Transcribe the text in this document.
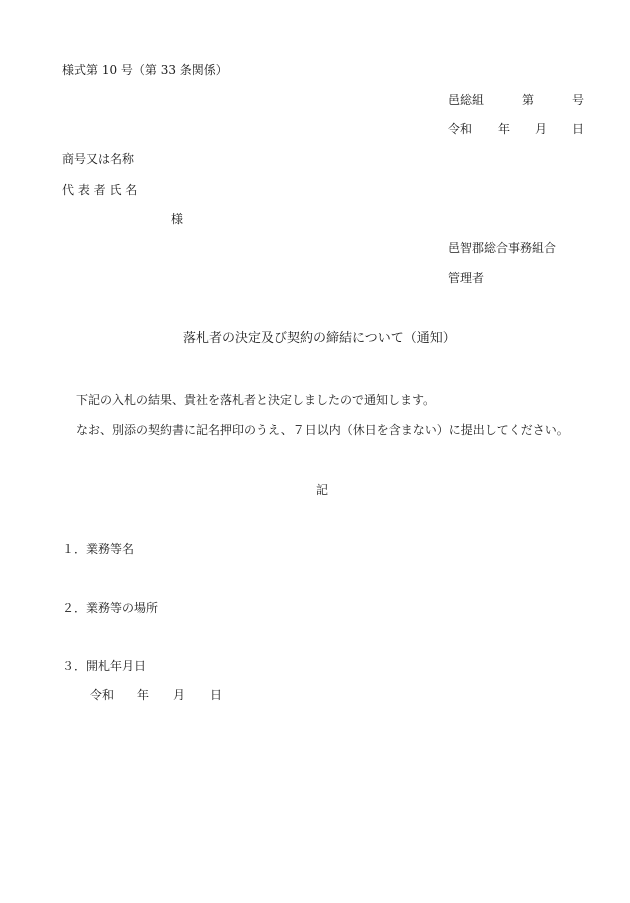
様式第 10 号（第 33 条関係）

邑総組	第	号

令和 年 月 日

商号又は名称

代 表 者 氏 名

様

邑智郡総合事務組合

管理者

落札者の決定及び契約の締結について（通知）

下記の入札の結果、貴社を落札者と決定しましたので通知します。

なお、別添の契約書に記名押印のうえ、７日以内（休日を含まない）に提出してください。

記

１．業務等名

２．業務等の場所

３．開札年月日

令和 年 月 日
